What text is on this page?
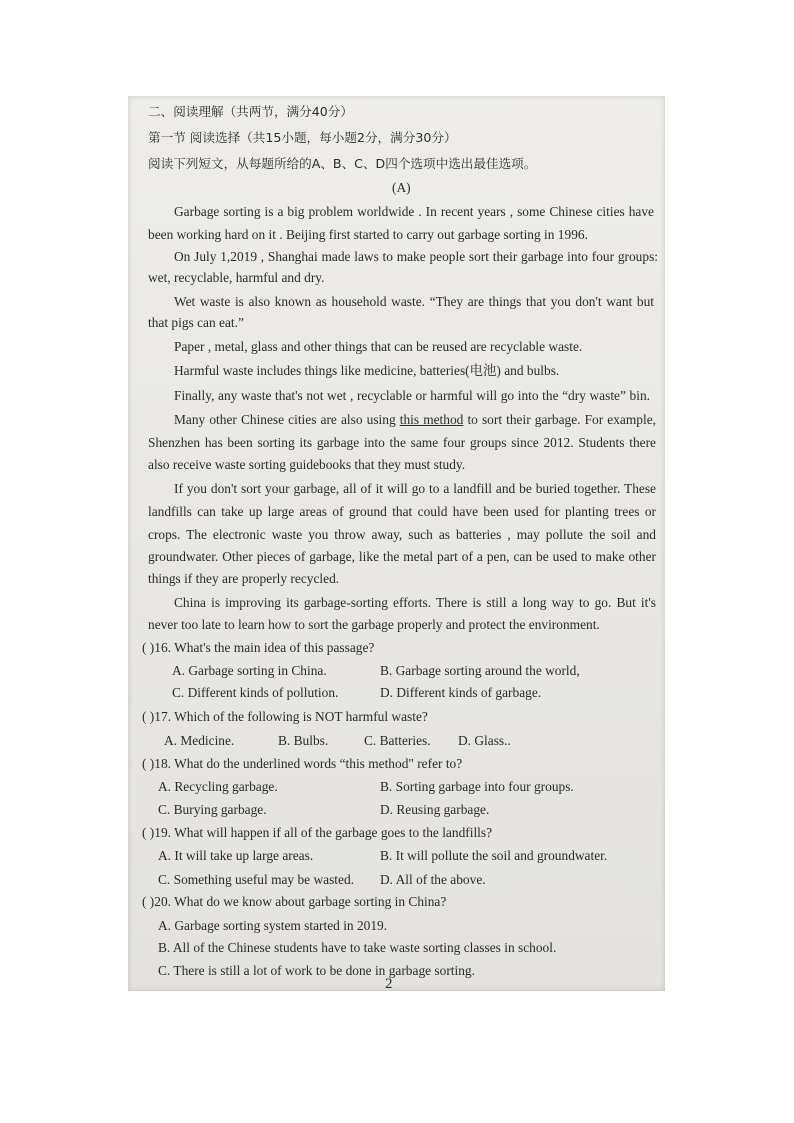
二、阅读理解（共两节，满分40分）
第一节 阅读选择（共15小题，每小题2分，满分30分）
阅读下列短文，从每题所给的A、B、C、D四个选项中选出最佳选项。
(A)
Garbage sorting is a big problem worldwide . In recent years , some Chinese cities have
been working hard on it . Beijing first started to carry out garbage sorting in 1996.
On July 1,2019 , Shanghai made laws to make people sort their garbage into four groups:
wet, recyclable, harmful and dry.
Wet waste is also known as household waste. “They are things that you don't want but
that pigs can eat.”
Paper , metal, glass and other things that can be reused are recyclable waste.
Harmful waste includes things like medicine, batteries(电池) and bulbs.
Finally, any waste that's not wet , recyclable or harmful will go into the “dry waste” bin.
Many other Chinese cities are also using this method to sort their garbage. For example,
Shenzhen has been sorting its garbage into the same four groups since 2012. Students there
also receive waste sorting guidebooks that they must study.
If you don't sort your garbage, all of it will go to a landfill and be buried together. These
landfills can take up large areas of ground that could have been used for planting trees or
crops. The electronic waste you throw away, such as batteries , may pollute the soil and
groundwater. Other pieces of garbage, like the metal part of a pen, can be used to make other
things if they are properly recycled.
China is improving its garbage-sorting efforts. There is still a long way to go. But it's
never too late to learn how to sort the garbage properly and protect the environment.
( )16. What's the main idea of this passage?
A. Garbage sorting in China.	B. Garbage sorting around the world,
C. Different kinds of pollution.	D. Different kinds of garbage.
( )17. Which of the following is NOT harmful waste?
A. Medicine.	B. Bulbs.	C. Batteries. D. Glass..
( )18. What do the underlined words “this method" refer to?
A. Recycling garbage.	B. Sorting garbage into four groups.
C. Burying garbage.	D. Reusing garbage.
( )19. What will happen if all of the garbage goes to the landfills?
A. It will take up large areas.	B. It will pollute the soil and groundwater.
C. Something useful may be wasted. D. All of the above.
( )20. What do we know about garbage sorting in China?
A. Garbage sorting system started in 2019.
B. All of the Chinese students have to take waste sorting classes in school.
C. There is still a lot of work to be done in garbage sorting.
2
